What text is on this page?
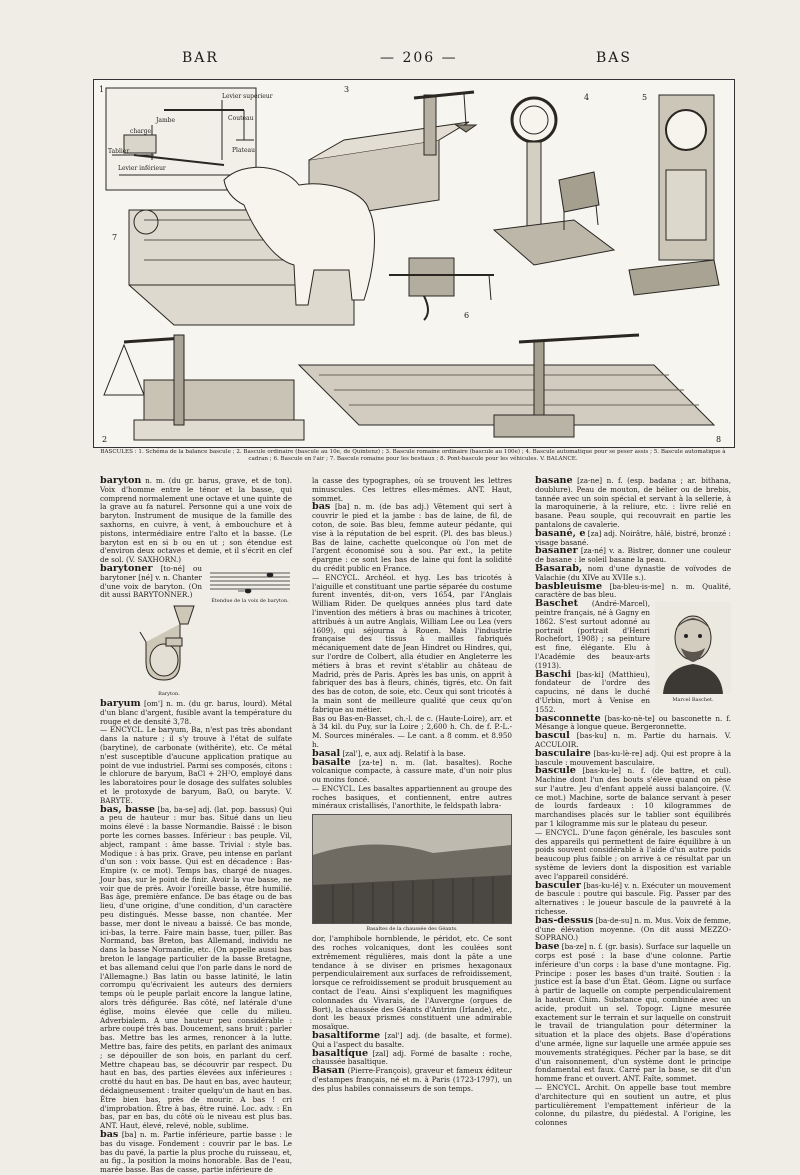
BAR	— 206 —	BAS
1
2
3
4	5
6
7
8
Levier supérieur
Couteau
Jambe
charge
Tablier
Levier inférieur
Plateau
BASCULES : 1. Schéma de la balance bascule ; 2. Bascule ordinaire (bascule au 10e, de Quintenz) ; 3. Bascule romaine ordinaire (bascule au 100e) ; 4. Bascule automatique pour se peser assis ; 5. Bascule automatique à cadran ; 6. Bascule en l'air ; 7. Bascule romaine pour les bestiaux ; 8. Pont-bascule pour les véhicules. V. BALANCE.

baryton n. m. (du gr. barus, grave, et de ton). Voix d'homme entre le ténor et la basse, qui comprend normalement une octave et une quinte de la grave au fa naturel. Personne qui a une voix de baryton. Instrument de musique de la famille des saxhorns, en cuivre, à vent, à embouchure et à pistons, intermédiaire entre l'alto et la basse. (Le baryton est en si b ou en ut ; son étendue est d'environ deux octaves et demie, et il s'écrit en clef de sol. (V. SAXHORN.)

Étendue de la voix de baryton.

barytoner [to-né] ou barytoner [né] v. n. Chanter d'une voix de baryton. (On dit aussi BARYTONNER.)

Baryton.

baryum [om'] n. m. (du gr. barus, lourd). Métal d'un blanc d'argent, fusible avant la température du rouge et de densité 3,78.

— ENCYCL. Le baryum, Ba, n'est pas très abondant dans la nature ; il s'y trouve à l'état de sulfate (barytine), de carbonate (withérite), etc. Ce métal n'est susceptible d'aucune application pratique au point de vue industriel. Parmi ses composés, citons : le chlorure de baryum, BaCl + 2H²O, employé dans les laboratoires pour le dosage des sulfates solubles et le protoxyde de baryum, BaO, ou baryte. V. BARYTE.

bas, basse [ba, ba-se] adj. (lat. pop. bassus) Qui a peu de hauteur : mur bas. Situé dans un lieu moins élevé : la basse Normandie. Baissé : le bison porte les cornes basses. Inférieur : bas peuple. Vil, abject, rampant : âme basse. Trivial : style bas. Modique : à bas prix. Grave, peu intense en parlant d'un son : voix basse. Qui est en décadence : Bas-Empire (v. ce mot). Temps bas, chargé de nuages. Jour bas, sur le point de finir. Avoir la vue basse, ne voir que de près. Avoir l'oreille basse, être humilié. Bas âge, première enfance. De bas étage ou de bas lieu, d'une origine, d'une condition, d'un caractère peu distingués. Messe basse, non chantée. Mer basse, mer dont le niveau a baissé. Ce bas monde, ici-bas, la terre. Faire main basse, tuer, piller. Bas Normand, bas Breton, bas Allemand, individu ne dans la basse Normandie, etc. (On appelle aussi bas breton le langage particulier de la basse Bretagne, et bas allemand celui que l'on parle dans le nord de l'Allemagne.) Bas latin ou basse latinité, le latin corrompu qu'écrivaient les auteurs des derniers temps où le peuple parlait encore la langue latine, alors très défigurée. Bas côté, nef latérale d'une église, moins élevée que celle du milieu. Adverbialem. A une hauteur peu considérable : arbre coupé très bas. Doucement, sans bruit : parler bas. Mettre bas les armes, renoncer à la lutte. Mettre bas, faire des petits, en parlant des animaux ; se dépouiller de son bois, en parlant du cerf. Mettre chapeau bas, se découvrir par respect. Du haut en bas, des parties élevées aux inférieures : crotté du haut en bas. De haut en bas, avec hauteur, dédaigneusement : traiter quelqu'un de haut en bas. Être bien bas, près de mourir. A bas ! cri d'improbation. Être à bas, être ruiné. Loc. adv. : En bas, par en bas, du côté où le niveau est plus bas. ANT. Haut, élevé, relevé, noble, sublime.

bas [ba] n. m. Partie inférieure, partie basse : le bas du visage. Fondement : couvrir par le bas. Le bas du pavé, la partie la plus proche du ruisseau, et, au fig., la position la moins honorable. Bas de l'eau, marée basse. Bas de casse, partie inférieure de

la casse des typographes, où se trouvent les lettres minuscules. Ces lettres elles-mêmes. ANT. Haut, sommet.

bas [ba] n. m. (de bas adj.) Vêtement qui sert à couvrir le pied et la jambe : bas de laine, de fil, de coton, de soie. Bas bleu, femme auteur pédante, qui vise à la réputation de bel esprit. (Pl. des bas bleus.) Bas de laine, cachette quelconque où l'on met de l'argent économisé sou à sou. Par ext., la petite épargne : ce sont les bas de laine qui font la solidité du crédit public en France.

— ENCYCL. Archéol. et hyg. Les bas tricotés à l'aiguille et constituant une partie séparée du costume furent inventés, dit-on, vers 1654, par l'Anglais William Rider. De quelques années plus tard date l'invention des métiers à bras ou machines à tricoter, attribués à un autre Anglais, William Lee ou Lea (vers 1609), qui séjourna à Rouen. Mais l'industrie française des tissus à mailles fabriqués mécaniquement date de Jean Hindret ou Hindres, qui, sur l'ordre de Colbert, alla étudier en Angleterre les métiers à bras et revint s'établir au château de Madrid, près de Paris. Après les bas unis, on apprit à fabriquer des bas à fleurs, chinés, tigrés, etc. On fait des bas de coton, de soie, etc. Ceux qui sont tricotés à la main sont de meilleure qualité que ceux qu'on fabrique au métier.

Bas ou Bas-en-Basset, ch.-l. de c. (Haute-Loire), arr. et à 34 kil. du Puy, sur la Loire ; 2,600 h. Ch. de f. P.-L.-M. Sources minérales. — Le cant. a 8 comm. et 8.950 h.

basal [zal'], e, aux adj. Relatif à la base.

basalte [za-te] n. m. (lat. basaltes). Roche volcanique compacte, à cassure mate, d'un noir plus ou moins foncé.

— ENCYCL. Les basaltes appartiennent au groupe des roches basiques, et contiennent, entre autres minéraux cristallisés, l'anorthite, le feldspath labra-

Basaltes de la chaussée des Géants.

dor, l'amphibole hornblende, le péridot, etc. Ce sont des roches volcaniques, dont les coulées sont extrêmement régulières, mais dont la pâte a une tendance à se diviser en prismes hexagonaux perpendiculairement aux surfaces de refroidissement, lorsque ce refroidissement se produit brusquement au contact de l'eau. Ainsi s'expliquent les magnifiques colonnades du Vivarais, de l'Auvergne (orgues de Bort), la chaussée des Géants d'Antrim (Irlande), etc., dont les beaux prismes constituent une admirable mosaïque.

basaltiforme [zal'] adj. (de basalte, et forme). Qui a l'aspect du basalte.

basaltique [zal] adj. Formé de basalte : roche, chaussée basaltique.

Basan (Pierre-François), graveur et fameux éditeur d'estampes français, né et m. à Paris (1723-1797), un des plus habiles connaisseurs de son temps.

basane [za-ne] n. f. (esp. badana ; ar. bithana, doublure). Peau de mouton, de bélier ou de brebis, tannée avec un soin spécial et servant à la sellerie, à la maroquinerie, à la reliure, etc. : livre relié en basane. Peau souple, qui recouvrait en partie les pantalons de cavalerie.

basané, e [za] adj. Noirâtre, hâlé, bistré, bronzé : visage basané.

basaner [za-né] v. a. Bistrer, donner une couleur de basane : le soleil basane la peau.

Basarab, nom d'une dynastie de voïvodes de Valachie (du XIVe au XVIIe s.).

basbleuisme [ba-bleu-is-me] n. m. Qualité, caractère de bas bleu.

Marcel Baschet.

Baschet (André-Marcel), peintre français, né à Gagny en 1862. S'est surtout adonné au portrait (portrait d'Henri Rochefort, 1908) ; sa peinture est fine, élégante. Elu à l'Académie des beaux-arts (1913).

Baschi [bas-ki] (Matthieu), fondateur de l'ordre des capucins, né dans le duché d'Urbin, mort à Venise en 1552.

basconnette [bas-ko-nè-te] ou basconette n. f. Mésange à longue queue. Bergeronnette.

bascul [bas-ku] n. m. Partie du harnais. V. ACCULOIR.

basculaire [bas-ku-lè-re] adj. Qui est propre à la bascule : mouvement basculaire.

bascule [bas-ku-le] n. f. (de battre, et cul). Machine dont l'un des bouts s'élève quand on pèse sur l'autre. Jeu d'enfant appelé aussi balançoire. (V. ce mot.) Machine, sorte de balance servant à peser de lourds fardeaux : 10 kilogrammes de marchandises placés sur le tablier sont équilibrés par 1 kilogramme mis sur le plateau du peseur.

— ENCYCL. D'une façon générale, les bascules sont des appareils qui permettent de faire équilibre à un poids souvent considérable à l'aide d'un autre poids beaucoup plus faible ; on arrive à ce résultat par un système de leviers dont la disposition est variable avec l'appareil considéré.

basculer [bas-ku-lé] v. n. Exécuter un mouvement de bascule : poutre qui bascule. Fig. Passer par des alternatives : le joueur bascule de la pauvreté à la richesse.

bas-dessus [ba-de-su] n. m. Mus. Voix de femme, d'une élévation moyenne. (On dit aussi MEZZO-SOPRANO.)

base [ba-ze] n. f. (gr. basis). Surface sur laquelle un corps est posé : la base d'une colonne. Partie inférieure d'un corps : la base d'une montagne. Fig. Principe : poser les bases d'un traité. Soutien : la justice est la base d'un État. Géom. Ligne ou surface à partir de laquelle on compte perpendiculairement la hauteur. Chim. Substance qui, combinée avec un acide, produit un sel. Topogr. Ligne mesurée exactement sur le terrain et sur laquelle on construit le travail de triangulation pour déterminer la situation et la place des objets. Base d'opérations d'une armée, ligne sur laquelle une armée appuie ses mouvements stratégiques. Pécher par la base, se dit d'un raisonnement, d'un système dont le principe fondamental est faux. Carré par la base, se dit d'un homme franc et ouvert. ANT. Faîte, sommet.

— ENCYCL. Archit. On appelle base tout membre d'architecture qui en soutient un autre, et plus particulièrement l'empattement inférieur de la colonne, du pilastre, du piédestal. A l'origine, les colonnes
